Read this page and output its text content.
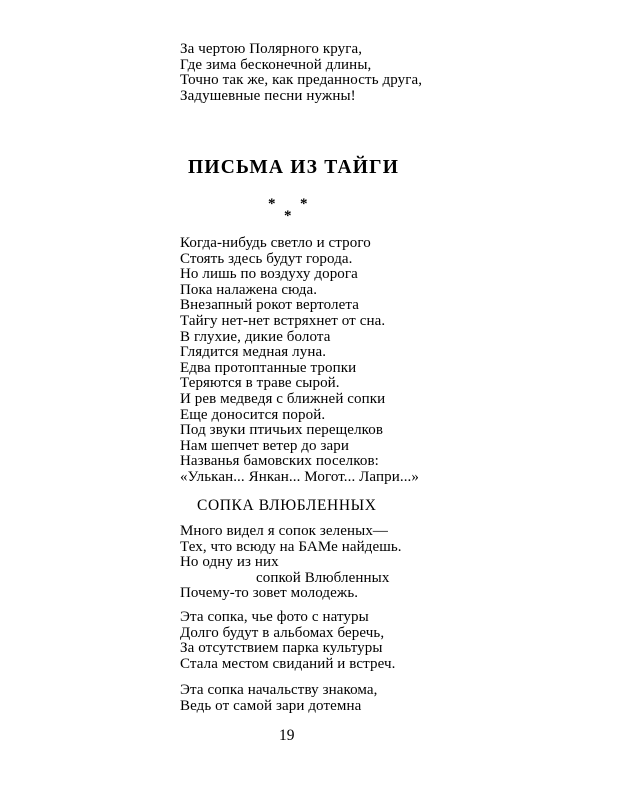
За чертою Полярного круга,
Где зима бесконечной длины,
Точно так же, как преданность друга,
Задушевные песни нужны!
ПИСЬМА ИЗ ТАЙГИ
* *
*
Когда-нибудь светло и строго
Стоять здесь будут города.
Но лишь по воздуху дорога
Пока налажена сюда.
Внезапный рокот вертолета
Тайгу нет-нет встряхнет от сна.
В глухие, дикие болота
Глядится медная луна.
Едва протоптанные тропки
Теряются в траве сырой.
И рев медведя с ближней сопки
Еще доносится порой.
Под звуки птичьих перещелков
Нам шепчет ветер до зари
Названья бамовских поселков:
«Улькан... Янкан... Могот... Лапри...»
СОПКА ВЛЮБЛЕННЫХ
Много видел я сопок зеленых—
Тех, что всюду на БАМе найдешь.
Но одну из них
сопкой Влюбленных
Почему-то зовет молодежь.
Эта сопка, чье фото с натуры
Долго будут в альбомах беречь,
За отсутствием парка культуры
Стала местом свиданий и встреч.
Эта сопка начальству знакома,
Ведь от самой зари дотемна
19
